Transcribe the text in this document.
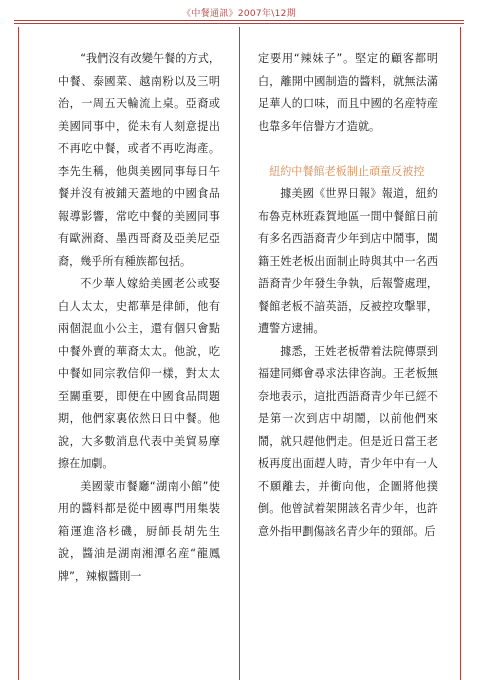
《中餐通訊》2007年\12期

“我們沒有改變午餐的方式，中餐、泰國菜、越南粉以及三明治，一周五天輪流上桌。亞裔或美國同事中，從未有人刻意提出不再吃中餐，或者不再吃海產。李先生稱，他與美國同事每日午餐并沒有被鋪天蓋地的中國食品報導影響，常吃中餐的美國同事有歐洲裔、墨西哥裔及亞美尼亞裔，幾乎所有種族都包括。

不少華人嫁給美國老公或娶白人太太，史都華是律師，他有兩個混血小公主，還有個只會點中餐外賣的華裔太太。他說，吃中餐如同宗教信仰一樣，對太太至關重要，即便在中國食品問題期，他們家裏依然日日中餐。他說，大多數消息代表中美貿易摩擦在加劇。

美國蒙市餐廳“湖南小館”使用的醬料都是從中國專門用集裝箱運進洛杉磯，厨師長胡先生說，醬油是湖南湘潭名産“龍鳳牌”，辣椒醬則一

定要用“辣妹子”。堅定的顧客都明白，離開中國制造的醬料，就無法滿足華人的口味，而且中國的名産特産也靠多年信譽方才造就。

紐約中餐館老板制止頑童反被控

據美國《世界日報》報道，紐約布魯克林班森賀地區一間中餐館日前有多名西語裔青少年到店中鬧事，閩籍王姓老板出面制止時與其中一名西語裔青少年發生争執，后報警處理，餐館老板不諳英語，反被控攻擊罪，遭警方逮捕。

據悉，王姓老板帶着法院傳票到福建同鄉會尋求法律咨詢。王老板無奈地表示，這批西語裔青少年已經不是第一次到店中胡鬧，以前他們來鬧，就只趕他們走。但是近日當王老板再度出面趕人時，青少年中有一人不願離去，并衝向他，企圖將他撲倒。他曾試着架開該名青少年，也許意外指甲劃傷該名青少年的頸部。后
